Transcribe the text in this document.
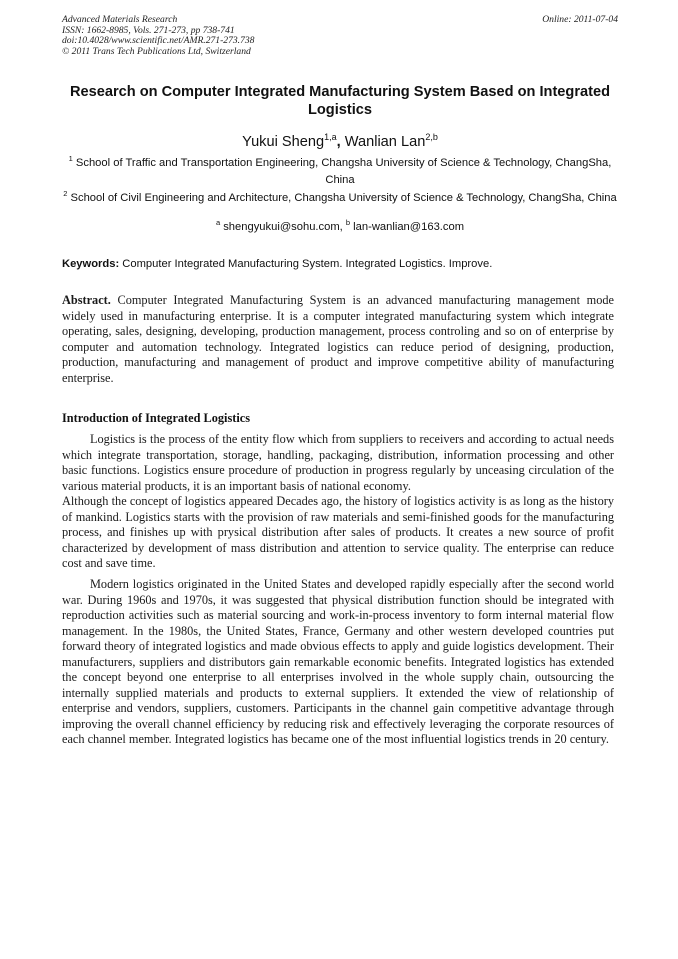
Advanced Materials Research
ISSN: 1662-8985, Vols. 271-273, pp 738-741
doi:10.4028/www.scientific.net/AMR.271-273.738
© 2011 Trans Tech Publications Ltd, Switzerland
Online: 2011-07-04
Research on Computer Integrated Manufacturing System Based on Integrated Logistics
Yukui Sheng$^{1,a}$, Wanlian Lan$^{2,b}$
$^1$ School of Traffic and Transportation Engineering, Changsha University of Science & Technology, ChangSha, China
$^2$ School of Civil Engineering and Architecture, Changsha University of Science & Technology, ChangSha, China
$^a$ shengyukui@sohu.com, $^b$ lan-wanlian@163.com
Keywords: Computer Integrated Manufacturing System. Integrated Logistics. Improve.
Abstract. Computer Integrated Manufacturing System is an advanced manufacturing management mode widely used in manufacturing enterprise. It is a computer integrated manufacturing system which integrate operating, sales, designing, developing, production management, process controling and so on of enterprise by computer and automation technology. Integrated logistics can reduce period of designing, production, production, manufacturing and management of product and improve competitive ability of manufacturing enterprise.
Introduction of Integrated Logistics
Logistics is the process of the entity flow which from suppliers to receivers and according to actual needs which integrate transportation, storage, handling, packaging, distribution, information processing and other basic functions. Logistics ensure procedure of production in progress regularly by unceasing circulation of the various material products, it is an important basis of national economy.
Although the concept of logistics appeared Decades ago, the history of logistics activity is as long as the history of mankind. Logistics starts with the provision of raw materials and semi-finished goods for the manufacturing process, and finishes up with prysical distribution after sales of products. It creates a new source of profit characterized by development of mass distribution and attention to service quality. The enterprise can reduce cost and save time.
Modern logistics originated in the United States and developed rapidly especially after the second world war. During 1960s and 1970s, it was suggested that physical distribution function should be integrated with reproduction activities such as material sourcing and work-in-process inventory to form internal material flow management. In the 1980s, the United States, France, Germany and other western developed countries put forward theory of integrated logistics and made obvious effects to apply and guide logistics development. Their manufacturers, suppliers and distributors gain remarkable economic benefits. Integrated logistics has extended the concept beyond one enterprise to all enterprises involved in the whole supply chain, outsourcing the internally supplied materials and products to external suppliers. It extended the view of relationship of enterprise and vendors, suppliers, customers. Participants in the channel gain competitive advantage through improving the overall channel efficiency by reducing risk and effectively leveraging the corporate resources of each channel member. Integrated logistics has became one of the most influential logistics trends in 20 century.
